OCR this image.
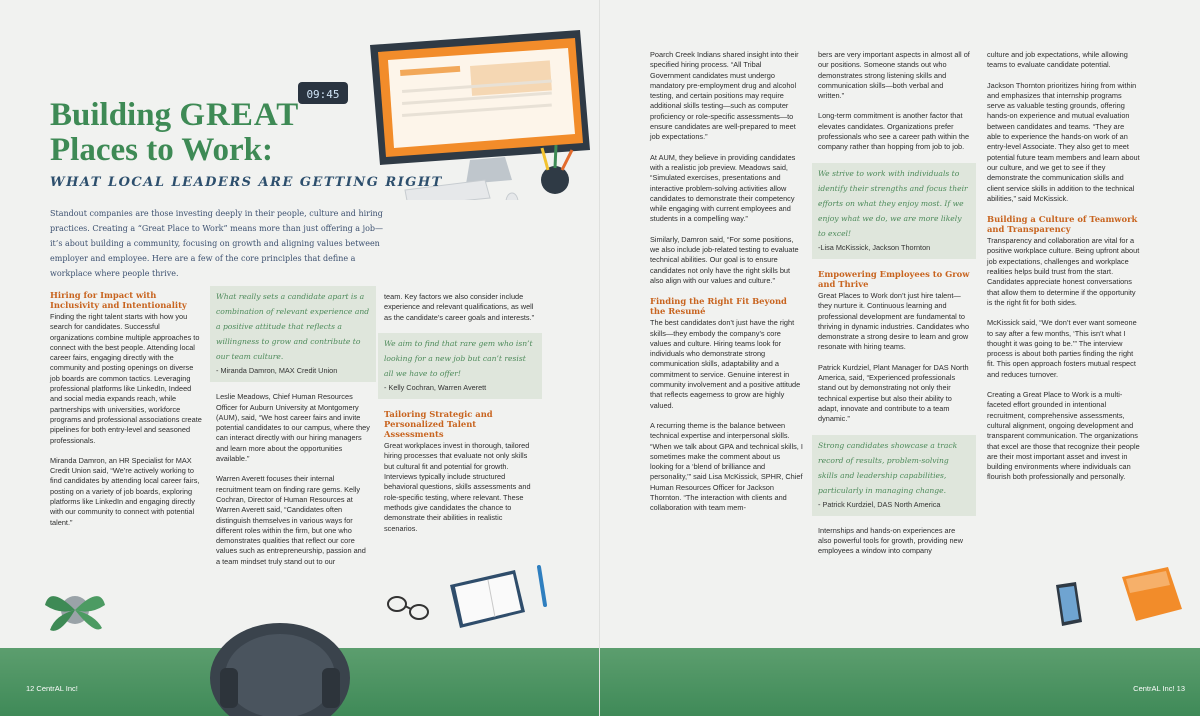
09:45
Building GREAT
Places to Work:
WHAT LOCAL LEADERS ARE GETTING RIGHT

Standout companies are those investing deeply in their people, culture and hiring practices. Creating a “Great Place to Work” means more than just offering a job—it’s about building a community, focusing on growth and aligning values between employer and employee. Here are a few of the core principles that define a workplace where people thrive.

Hiring for Impact with Inclusivity and Intentionality

Finding the right talent starts with how you search for candidates. Successful organizations combine multiple approaches to connect with the best people. Attending local career fairs, engaging directly with the community and posting openings on diverse job boards are common tactics. Leveraging professional platforms like LinkedIn, Indeed and social media expands reach, while partnerships with universities, workforce programs and professional associations create pipelines for both entry-level and seasoned professionals.

Miranda Damron, an HR Specialist for MAX Credit Union said, “We’re actively working to find candidates by attending local career fairs, posting on a variety of job boards, exploring platforms like LinkedIn and engaging directly with our community to connect with potential talent.”

What really sets a candidate apart is a combination of relevant experience and a positive attitude that reflects a willingness to grow and contribute to our team culture.
- Miranda Damron, MAX Credit Union

Leslie Meadows, Chief Human Resources Officer for Auburn University at Montgomery (AUM), said, “We host career fairs and invite potential candidates to our campus, where they can interact directly with our hiring managers and learn more about the opportunities available.”

Warren Averett focuses their internal recruitment team on finding rare gems. Kelly Cochran, Director of Human Resources at Warren Averett said, “Candidates often distinguish themselves in various ways for different roles within the firm, but one who demonstrates qualities that reflect our core values such as entrepreneurship, passion and a team mindset truly stand out to our

team. Key factors we also consider include experience and relevant qualifications, as well as the candidate’s career goals and interests.”

We aim to find that rare gem who isn’t looking for a new job but can’t resist all we have to offer!
- Kelly Cochran, Warren Averett
Tailoring Strategic and Personalized Talent Assessments

Great workplaces invest in thorough, tailored hiring processes that evaluate not only skills but cultural fit and potential for growth. Interviews typically include structured behavioral questions, skills assessments and role-specific testing, where relevant. These methods give candidates the chance to demonstrate their abilities in realistic scenarios.

12 CentrAL Inc!

Poarch Creek Indians shared insight into their specified hiring process. “All Tribal Government candidates must undergo mandatory pre-employment drug and alcohol testing, and certain positions may require additional skills testing—such as computer proficiency or role-specific assessments—to ensure candidates are well-prepared to meet job expectations.”

At AUM, they believe in providing candidates with a realistic job preview. Meadows said, “Simulated exercises, presentations and interactive problem-solving activities allow candidates to demonstrate their competency while engaging with current employees and students in a compelling way.”

Similarly, Damron said, “For some positions, we also include job-related testing to evaluate technical abilities. Our goal is to ensure candidates not only have the right skills but also align with our values and culture.”

Finding the Right Fit Beyond the Resumé

The best candidates don’t just have the right skills—they embody the company’s core values and culture. Hiring teams look for individuals who demonstrate strong communication skills, adaptability and a commitment to service. Genuine interest in community involvement and a positive attitude that reflects eagerness to grow are highly valued.

A recurring theme is the balance between technical expertise and interpersonal skills. “When we talk about GPA and technical skills, I sometimes make the comment about us looking for a ‘blend of brilliance and personality,’” said Lisa McKissick, SPHR, Chief Human Resources Officer for Jackson Thornton. “The interaction with clients and collaboration with team mem-

bers are very important aspects in almost all of our positions. Someone stands out who demonstrates strong listening skills and communication skills—both verbal and written.”

Long-term commitment is another factor that elevates candidates. Organizations prefer professionals who see a career path within the company rather than hopping from job to job.

We strive to work with individuals to identify their strengths and focus their efforts on what they enjoy most. If we enjoy what we do, we are more likely to excel!
-Lisa McKissick, Jackson Thornton
Empowering Employees to Grow and Thrive

Great Places to Work don’t just hire talent—they nurture it. Continuous learning and professional development are fundamental to thriving in dynamic industries. Candidates who demonstrate a strong desire to learn and grow resonate with hiring teams.

Patrick Kurdziel, Plant Manager for DAS North America, said, “Experienced professionals stand out by demonstrating not only their technical expertise but also their ability to adapt, innovate and contribute to a team dynamic.”

Strong candidates showcase a track record of results, problem-solving skills and leadership capabilities, particularly in managing change.
- Patrick Kurdziel, DAS North America

Internships and hands-on experiences are also powerful tools for growth, providing new employees a window into company

culture and job expectations, while allowing teams to evaluate candidate potential.

Jackson Thornton prioritizes hiring from within and emphasizes that internship programs serve as valuable testing grounds, offering hands-on experience and mutual evaluation between candidates and teams. “They are able to experience the hands-on work of an entry-level Associate. They also get to meet potential future team members and learn about our culture, and we get to see if they demonstrate the communication skills and client service skills in addition to the technical abilities,” said McKissick.

Building a Culture of Teamwork and Transparency

Transparency and collaboration are vital for a positive workplace culture. Being upfront about job expectations, challenges and workplace realities helps build trust from the start. Candidates appreciate honest conversations that allow them to determine if the opportunity is the right fit for both sides.

McKissick said, “We don’t ever want someone to say after a few months, ‘This isn’t what I thought it was going to be.’” The interview process is about both parties finding the right fit. This open approach fosters mutual respect and reduces turnover.

Creating a Great Place to Work is a multi-faceted effort grounded in intentional recruitment, comprehensive assessments, cultural alignment, ongoing development and transparent communication. The organizations that excel are those that recognize their people are their most important asset and invest in building environments where individuals can flourish both professionally and personally.

CentrAL Inc! 13
